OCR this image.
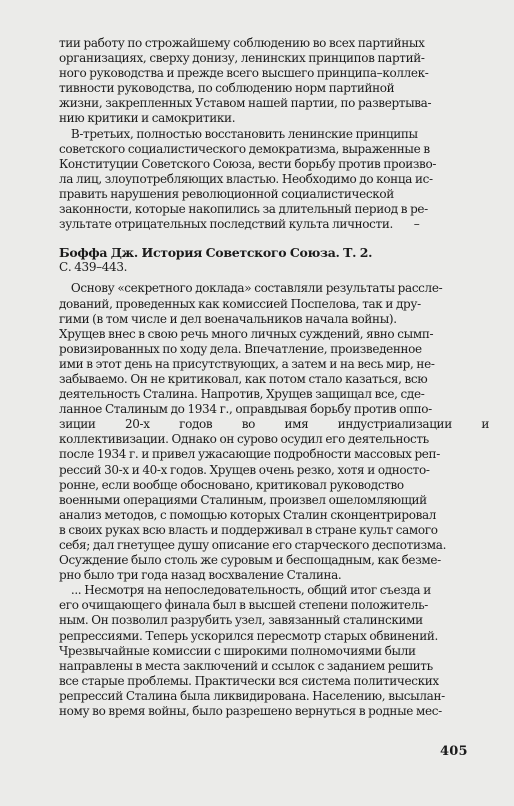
тии работу по строжайшему соблюдению во всех партийных
организациях, сверху донизу, ленинских принципов партий-
ного руководства и прежде всего высшего принципа–коллек-
тивности руководства, по соблюдению норм партийной
жизни, закрепленных Уставом нашей партии, по развертыва-
нию критики и самокритики.
В-третьих, полностью восстановить ленинские принципы
советского социалистического демократизма, выраженные в
Конституции Советского Союза, вести борьбу против произво-
ла лиц, злоупотребляющих властью. Необходимо до конца ис-
править нарушения революционной социалистической
законности, которые накопились за длительный период в ре-
зультате отрицательных последствий культа личности.       –
Боффа Дж. История Советского Союза. Т. 2.
С. 439–443.
Основу «секретного доклада» составляли результаты рассле-
дований, проведенных как комиссией Поспелова, так и дру-
гими (в том числе и дел военачальников начала войны).
Хрущев внес в свою речь много личных суждений, явно сымп-
ровизированных по ходу дела. Впечатление, произведенное
ими в этот день на присутствующих, а затем и на весь мир, не-
забываемо. Он не критиковал, как потом стало казаться, всю
деятельность Сталина. Напротив, Хрущев защищал все, сде-
ланное Сталиным до 1934 г., оправдывая борьбу против оппо-
зиции 20-х годов во имя индустриализации и
коллективизации. Однако он сурово осудил его деятельность
после 1934 г. и привел ужасающие подробности массовых реп-
рессий 30-х и 40-х годов. Хрущев очень резко, хотя и односто-
ронне, если вообще обосновано, критиковал руководство
военными операциями Сталиным, произвел ошеломляющий
анализ методов, с помощью которых Сталин сконцентрировал
в своих руках всю власть и поддерживал в стране культ самого
себя; дал гнетущее душу описание его старческого деспотизма.
Осуждение было столь же суровым и беспощадным, как безме-
рно было три года назад восхваление Сталина.
... Несмотря на непоследовательность, общий итог съезда и
его очищающего финала был в высшей степени положитель-
ным. Он позволил разрубить узел, завязанный сталинскими
репрессиями. Теперь ускорился пересмотр старых обвинений.
Чрезвычайные комиссии с широкими полномочиями были
направлены в места заключений и ссылок с заданием решить
все старые проблемы. Практически вся система политических
репрессий Сталина была ликвидирована. Населению, высылан-
ному во время войны, было разрешено вернуться в родные мес-
405
